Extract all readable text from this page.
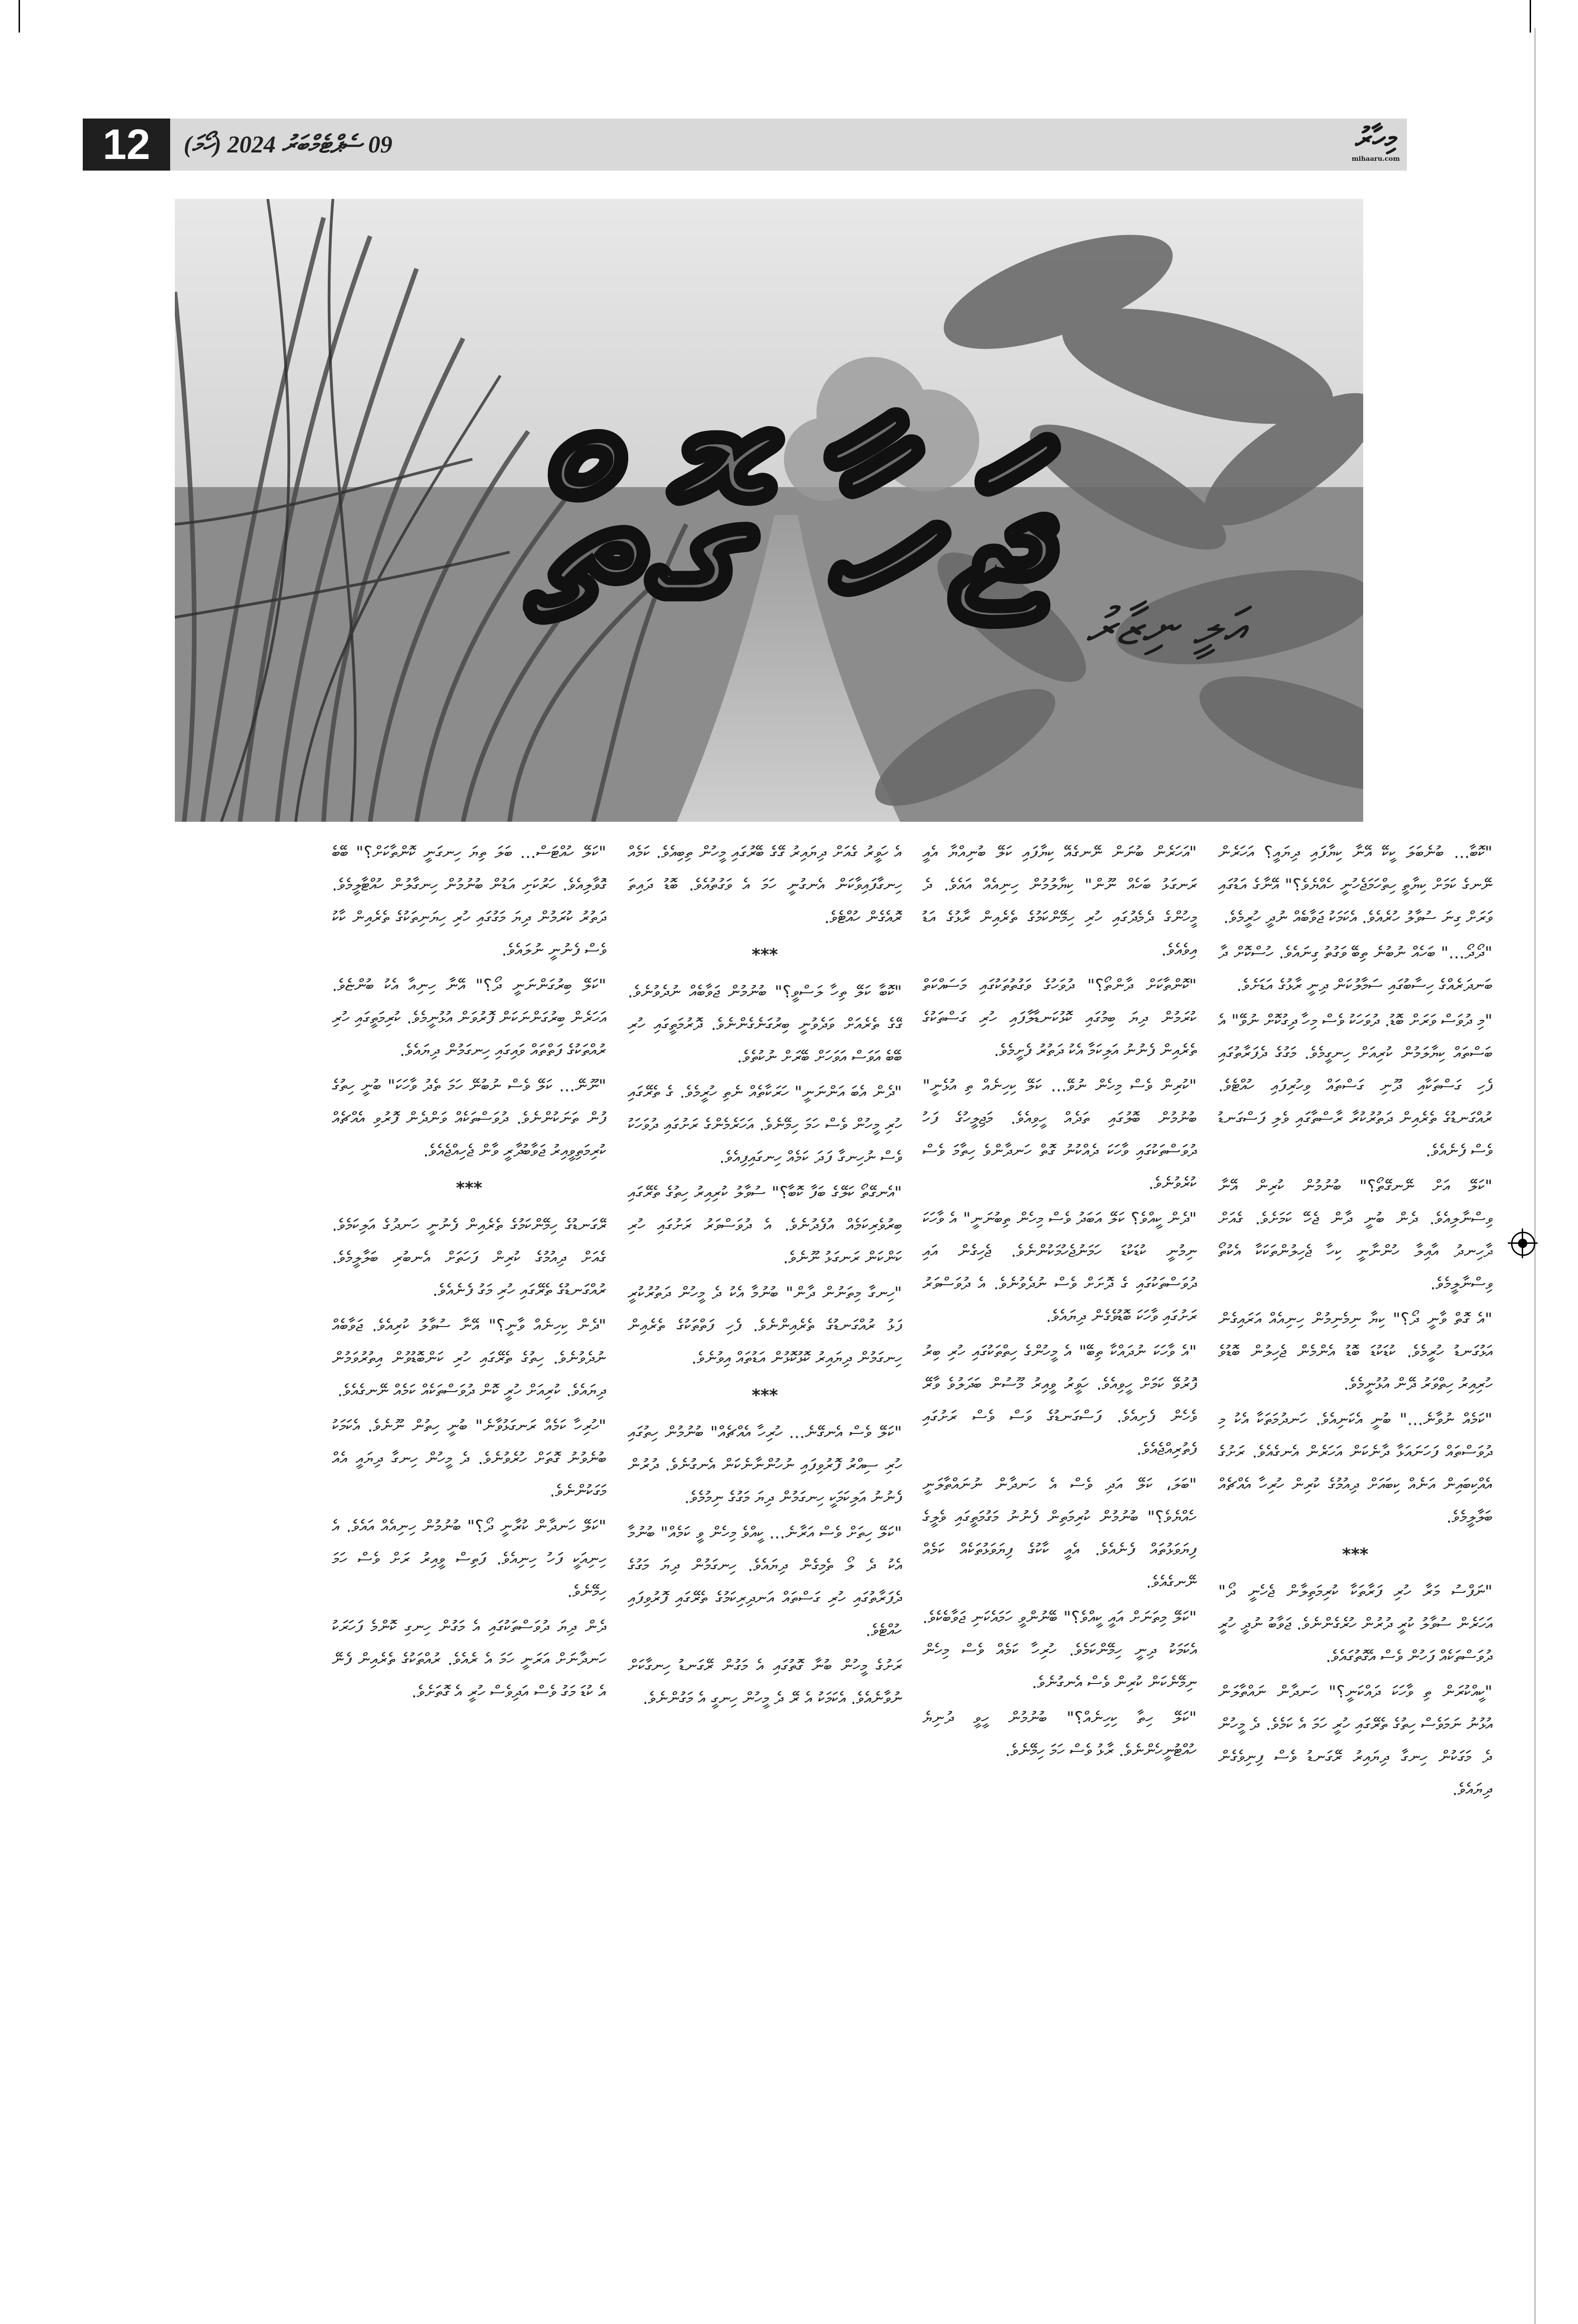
12	09 ސެޕްޓެމްބަރު 2024 (ހޯމަ)	މިހާރު
mihaaru.com
ޖަހާ ގޮތް އަލީ ނިޒާރު

"ކޮބާ... ބުނެބަލަ ކީކޭ އޭނާ ކިޔާފައި ދިޔައީ؟ އަހަރެން ނޭނގެ ކަމަށް ކިޔާތީ ހިތްހަމަޖެހުނީ ހެއްޔެވެ؟" އޭނާގެ އަޑުގައި ވަރަށް ގިނަ ސުވާލު ހުރެއެވެ. އެކަމަކު ޖަވާބެއް ނުދީ ހުރީމެވެ.

"ދޯދޯ..." ބަހެއް ނުބުނެ ތިބޭ ވަގުތު ގިނައެވެ. ހުސްކޮށް ދާ ބަނދަރެއްގެ ހިސާބުގައި ސަމާލުކަން ދިނީ ރާޅުގެ އަޑަށެވެ.

"މި ދުވަސް ވަރަށް ބޮޑު. ދުވަހަކު ވެސް މިހާ ދިގުކޮށް ނުވޭ" އެ ބަސްތައް ކިޔާލަމުން ކުރިއަށް ހިނގީމެވެ. މަގުގެ ދެފަރާތުގައި ފެހި ގަސްތަކާއި ދޫނި ގަސްތައް ވިހުރިފައި ހުއްޓެވެ. ރުއްގަނޑުގެ ތެރެއިން ދަތުރުކުރާ ރާސްތާގައި ވެލި ފަސްގަނޑު ވެސް ފެނެއެވެ.

"ކަލޭ އަށް ނޭނގޭތޯ؟" ބުނުމުން ކުރިން އޭނާ ވިސްނާލިއެވެ. ދެން ބުނީ ދާން ޖެހޭ ކަމަށެވެ. ގެއަށް ދާހިނދު އާއިލާ ހުންނާނީ ކިހާ ޖެހިލުންތަކަކާ އެކުތޯ ވިސްނާލީމެވެ.

"އެ ގޮތް ވާނީ ދޯ؟" ކިޔާ ނިމެނިމުން ހިނިއެއް އަރައިގެން އަޅުގަނޑު ހުރީމެވެ. ކުޑަކުޑަ ބޮޑު އެންމެން ޖެހިލުން ބޮޑުވެ ހުރިއިރު ހިތްވަރު ދޭން އުޅުނީމެވެ.

"ކަމެއް ނުވާނެ..." ބުނީ އެކަނިއެވެ. ހަނދުމަތަކާ އެކު މި ދުވަސްތައް ފަހަނައަޅާ ދާނެކަން އަހަރެން އެނގެއެވެ. ރަށުގެ އެއްކިބައިން އަނެއް ކިބައަށް ދިއުމުގެ ކުރިން ހުރިހާ އެއްޗެއް ބަލާލީމެވެ.

***

"ނަފްސު މަރާ ހުރި ފަރާތަކާ ކުރިމަތިލާން ޖެހެނީ ދޯ" އަހަރެން ސުވާލު ކުރީ ދުރުން ހުރެގެންނެވެ. ޖަވާބު ނުދީ ހުރީ ދުވަސްތަކެއް ފަހުން ވެސް އެގޮތުގައެވެ.

"ކީއްކުރަން ތި ވާހަކަ ދައްކަނީ؟" ހަނދާން ނައްތާލަން އުޅުނު ނަމަވެސް ހިތުގެ ތެރޭގައި ހުރީ ހަމަ އެ ކަމެވެ. ދެ މީހުން ދެ މަގަކުން ހިނގާ ދިޔައިރު ރޭގަނޑު ވެސް ފިނިވެގެން ދިޔައެވެ.

"އަހަރެން ބުނަން ނޭނގެއޭ ކިޔާފައި ކަލޭ ބުނިއްޔާ އެއީ ރަނގަޅު ބަހެއް ނޫން" ކިޔާލުމުން ހިނިއެއް އައެވެ. ދެ މީހުންގެ ދެމެދުގައި ހުރި ހިމޭންކަމުގެ ތެރެއިން ރާޅުގެ އަޑު އިވެއެވެ.

"ކޮންތާކަށް ދާންތޯ؟" ދުވަހުގެ ވަގުތުތަކުގައި މަސައްކަތް ކުރަމުން ދިޔަ ބިމުގައި ކޮޅުކަނޑާލާފައި ހުރި ގަސްތަކުގެ ތެރެއިން ފެނުނު އަލިކަމާ އެކު ދަތުރު ފެށީމެވެ.

"ކުރިން ވެސް މިހެން ނުވޭ... ކަލޭ ކިހިނެއް ތި އުޅެނީ" ބުނުމުން ބޮލުގައި ތަދެއް ހީވިއެވެ. މަޖިލީހުގެ ފަހު ދުވަސްތަކުގައި ވާހަކަ ދެއްކުނު ގޮތް ހަނދާންވެ ހިތާމަ ވެސް ކުރެވުނެވެ.

"ދެން ކީއްވެ؟ ކަލޭ އަބަދު ވެސް މިހެން ތިބުނަނީ" އެ ވާހަކަ ނިމުނީ ކުޑަކުޑަ ހަމަނުޖެހުމަކުންނެވެ. ޖެހިގެން އައި ދުވަސްތަކުގައި ގެ ދޮށަށް ވެސް ނުދެވުނެވެ. އެ ދުވަސްވަރު ރަށުގައި ވާހަކަ ބޮޑުވެގެން ދިޔައެވެ.

"އެ ވާހަކަ ނުދައްކާ ތިބޭ" އެ މީހުންގެ ހިތްތަކުގައި ހުރި ބިރު ފޮރުވޭ ކަމަށް ހީވިއެވެ. ހަވީރު ވީއިރު މޫސުން ބަދަލުވެ ވާރޭ ވެހެން ފެށިއެވެ. ފަސްގަނޑުގެ ވަސް ވެސް ރަށުގައި ފެތުރިއްޖެއެވެ.

"ބަލަ، ކަލޭ އަދި ވެސް އެ ހަނދާން ނުނައްތާލަނީ ހެއްޔެވެ؟" ބުނުމުން ކުރިމަތިން ފެނުނު މަގުމަތީގައި ވެލީގެ ފިޔަވަޅުތައް ފެނެއެވެ. އެއީ ކާކުގެ ފިޔަވަޅުތަކެއް ކަމެއް ނޭނގެއެވެ.

"ކަލޭ މިތަނަށް އައީ ކީއްވެ؟" ބޭނުންވީ ހަމައެކަނި ޖަވާބެކެވެ. އެކަމަކު ދިނީ ހިމޭންކަމެވެ. ހުރިހާ ކަމެއް ވެސް މިހެން ނިމޭނެކަން ކުރިން ވެސް އެނގުނެވެ.

"ކަލޭ ހިތާ ކިހިނެއް؟" ބުނުމުން ހީވީ ދުނިޔެ ހުއްޓުނީހެންނެވެ. ރާޅު ވެސް ހަމަ ހިމޭނެވެ.

އެ ހަވީރު ގެއަށް ދިޔައިރު ގޭގެ ބޭރުގައި މީހުން ތިބިއެވެ. ކަމެއް ހިނގާފައިވާކަން އެނގުނީ ހަމަ އެ ވަގުތުއެވެ. ބޮޑު ދައިތަ ރޮއެގެން ހުއްޓެވެ.

***

"ކޮބާ ކަލޭ ތިހާ ލަސްވީ؟" ބުނުމުން ޖަވާބެއް ނުދެވުނެވެ. ގޭގެ ތެރެއަށް ވަދެވުނީ ބިރުގަނެގެންނެވެ. ދޮރުމަތީގައި ހުރި ބޭބެ އަވަސް އަވަހަށް ބޭރަށް ނުކުތެވެ.

"ދެން އެބަ އަންނަނީ" ހަރަކާތެއް ނެތި ހުރީމެވެ. ގެ ތެރޭގައި ހުރި މީހުން ވެސް ހަމަ ހިމޭނެވެ. އަހަރެމެންގެ ރަށުގައި ދުވަހަކު ވެސް ނުހިނގާ ފަދަ ކަމެއް ހިނގައިފިއެވެ.

"އެނގޭތޯ ކަލޭގެ ބަފާ ކޮބާ؟" ސުވާލު ކުރިއިރު ހިތުގެ ތެރޭގައި ބިރުވެރިކަމެއް އުފެދުނެވެ. އެ ދުވަސްވަރު ރަށުގައި ހުރި ކަންކަން ރަނގަޅު ނޫނެވެ.

"ހިނގާ މިތަނުން ދާން" ބުނުމާ އެކު ދެ މީހުން ދަތުރުކުރީ ފަޅު ރުއްގަނޑުގެ ތެރެއިންނެވެ. ފެހި ފަތްތަކުގެ ތެރެއިން ހިނގަމުން ދިޔައިރު ކޮޅުކޮޅުން އަޑުތައް އިވުނެވެ.

***

"ކަލޭ ވެސް އެނގޭނެ... ހުރިހާ އެއްޗެއް" ބުނުމުން ހިތުގައި ހުރި ސިއްރު ފޮރުވިފައި ނުހުންނާނެކަން އެނގުނެވެ. ދުރުން ފެނުނު އަލިކަމަކީ ހިނގަމުން ދިޔަ މަގުގެ ނިމުމެވެ.

"ކަލޭ ހިތަށް ވެސް އަރާނެ... ކީއްވެ މިހެން ވީ ކަމެއް" ބުނުމާ އެކު ދެ ލޯ ތެމިގެން ދިޔައެވެ. ހިނގަމުން ދިޔަ މަގުގެ ދެފަރާތުގައި ހުރި ގަސްތައް އަނދިރިކަމުގެ ތެރޭގައި ފޮރުވިފައި ހުއްޓެވެ.

ރަށުގެ މީހުން ބުނާ ގޮތުގައި އެ މަގުން ރޭގަނޑު ހިނގާކަށް ނުވާނެއެވެ. އެކަމަކު އެ ރޭ ދެ މީހުން ހިނގީ އެ މަގުންނެވެ.

"ކަލޭ ހުއްޓަސް... ބަލަ ތިޔަ ހިނގަނީ ކޮންތާކަށް؟" ބޭބެ ގޮވާލިއެވެ. ހަރުކަށި އަޑުން ބުނުމުން ހިނގާލުން ހުއްޓާލީމެވެ. ދަތުރު ކުރަމުން ދިޔަ މަގުގައި ހުރި ހިޔަނިތަކުގެ ތެރެއިން ކާކު ވެސް ފެނުނީ ނުލައެވެ.

"ކަލޭ ބިރުގަންނަނީ ދޯ؟" އޭނާ ހިނިއާ އެކު ބުންޏެވެ. އަހަރެން ބިރުގަންނަކަން ފޮރުވަން އުޅުނީމެވެ. ކުރިމަތީގައި ހުރި ރުއްތަކުގެ ފަތްތައް ވައިގައި ހިނގަމުން ދިޔައެވެ.

"ނޫނޭ... ކަލޭ ވެސް ނުބުނޭ ހަމަ ތެދު ވާހަކަ" ބުނީ ހިތުގެ ފުން ތަނަކުންނެވެ. ދުވަސްތަކެއް ވަންދެން ފޮރުވި އެއްޗެއް ކުރިމަތިވީއިރު ޖަވާބުދާރީ ވާން ޖެހިއްޖެއެވެ.

***

ރޭގަނޑުގެ ހިމޭންކަމުގެ ތެރެއިން ފެނުނީ ހަނދުގެ އަލިކަމެވެ. ގެއަށް ދިއުމުގެ ކުރިން ފަހަތަށް އެނބުރި ބަލާލީމެވެ. ރުއްގަނޑުގެ ތެރޭގައި ހުރި މަގު ފެނެއެވެ.

"ދެން ކިހިނެއް ވާނީ؟" އޭނާ ސުވާލު ކުރިއެވެ. ޖަވާބެއް ނުދެވުނެވެ. ހިތުގެ ތެރޭގައި ހުރި ކަންބޮޑުވުން އިތުރުވަމުން ދިޔައެވެ. ކުރިއަށް ހުރީ ކޮން ދުވަސްތަކެއް ކަމެއް ނޭނގެއެވެ.

"ހުރިހާ ކަމެއް ރަނގަޅުވާނެ" ބުނީ ހިތުން ނޫނެވެ. އެކަމަކު ބުނެވުނު ގޮތަށް ހުރެވުނެވެ. ދެ މީހުން ހިނގާ ދިޔައީ އެއް މަގަކުންނެވެ.

"ކަލޭ ހަނދާން ކުރާނީ ދޯ؟" ބުނުމުން ހިނިއެއް އައެވެ. އެ ހިނިއަކީ ފަހު ހިނިއެވެ. ފަތިސް ވީއިރު ރަށް ވެސް ހަމަ ހިމޭނެވެ.

ދެން ދިޔަ ދުވަސްތަކުގައި އެ މަގުން ހިނގި ކޮންމެ ފަހަރަކު ހަނދާނަށް އަރަނީ ހަމަ އެ ރެއެވެ. ރުއްތަކުގެ ތެރެއިން ފެނޭ އެ ކުޑަ މަގު ވެސް އަދިވެސް ހުރީ އެ ގޮތަށެވެ.
